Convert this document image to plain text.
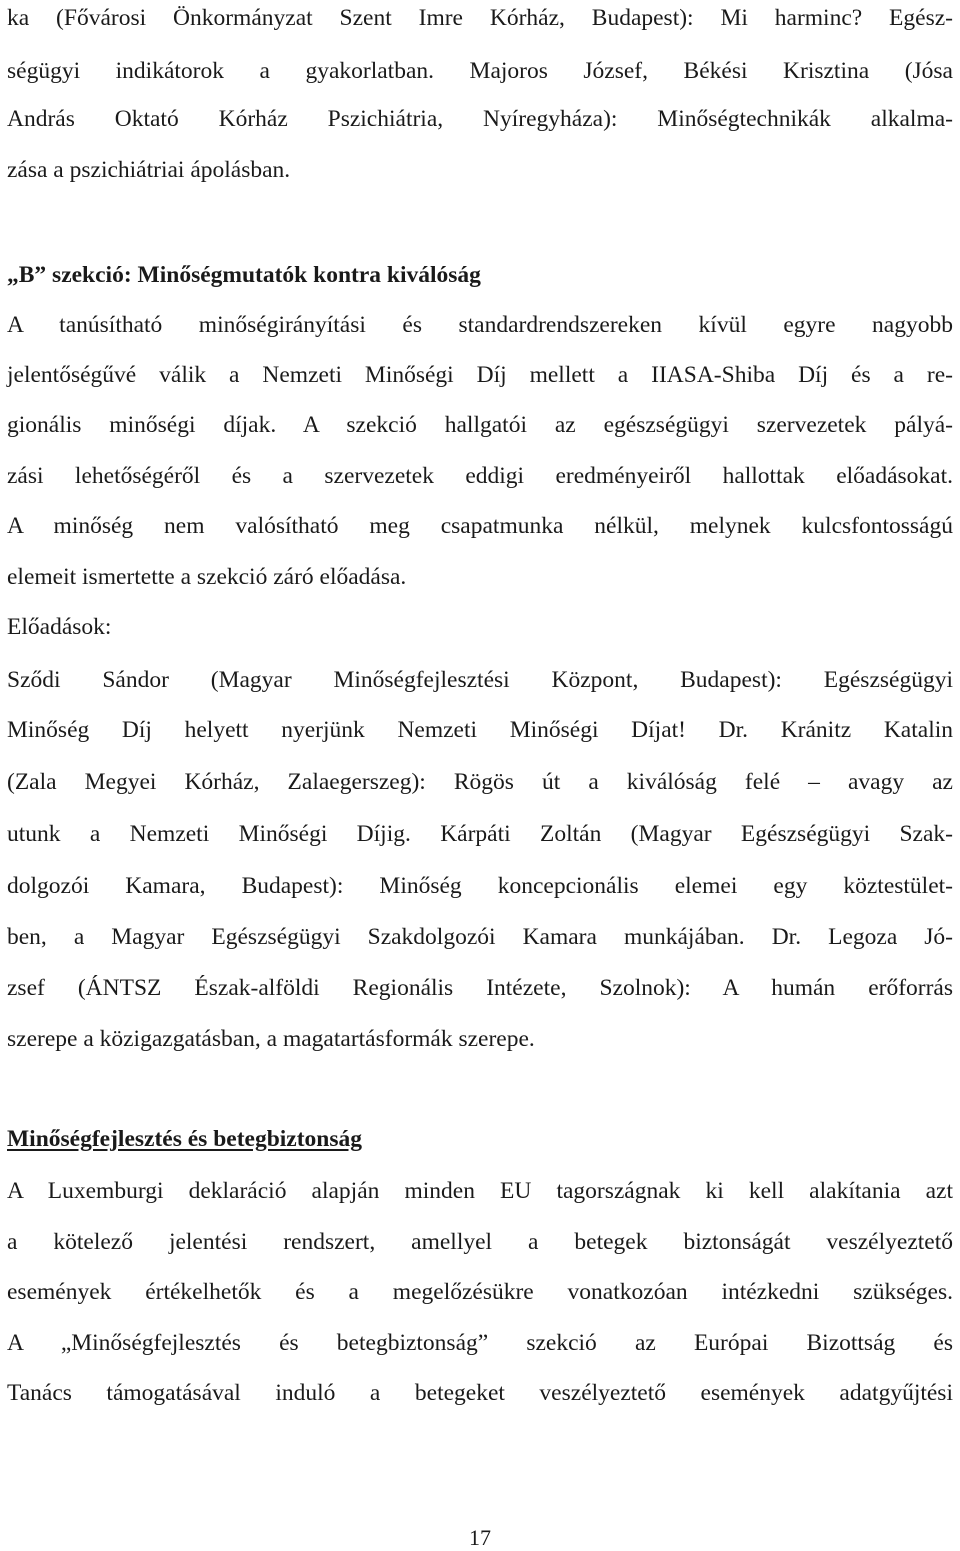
ka (Fővárosi Önkormányzat Szent Imre Kórház, Budapest): Mi harminc? Egész-
ségügyi indikátorok a gyakorlatban. Majoros József, Békési Krisztina (Jósa
András Oktató Kórház Pszichiátria, Nyíregyháza): Minőségtechnikák alkalma-
zása a pszichiátriai ápolásban.
„B” szekció: Minőségmutatók kontra kiválóság
A tanúsítható minőségirányítási és standardrendszereken kívül egyre nagyobb
jelentőségűvé válik a Nemzeti Minőségi Díj mellett a IIASA-Shiba Díj és a re-
gionális minőségi díjak. A szekció hallgatói az egészségügyi szervezetek pályá-
zási lehetőségéről és a szervezetek eddigi eredményeiről hallottak előadásokat.
A minőség nem valósítható meg csapatmunka nélkül, melynek kulcsfontosságú
elemeit ismertette a szekció záró előadása.
Előadások:
Sződi Sándor (Magyar Minőségfejlesztési Központ, Budapest): Egészségügyi
Minőség Díj helyett nyerjünk Nemzeti Minőségi Díjat! Dr. Kránitz Katalin
(Zala Megyei Kórház, Zalaegerszeg): Rögös út a kiválóság felé – avagy az
utunk a Nemzeti Minőségi Díjig. Kárpáti Zoltán (Magyar Egészségügyi Szak-
dolgozói Kamara, Budapest): Minőség koncepcionális elemei egy köztestület-
ben, a Magyar Egészségügyi Szakdolgozói Kamara munkájában. Dr. Legoza Jó-
zsef (ÁNTSZ Észak-alföldi Regionális Intézete, Szolnok): A humán erőforrás
szerepe a közigazgatásban, a magatartásformák szerepe.
Minőségfejlesztés és betegbiztonság
A Luxemburgi deklaráció alapján minden EU tagországnak ki kell alakítania azt
a kötelező jelentési rendszert, amellyel a betegek biztonságát veszélyeztető
események értékelhetők és a megelőzésükre vonatkozóan intézkedni szükséges.
A „Minőségfejlesztés és betegbiztonság” szekció az Európai Bizottság és
Tanács támogatásával induló a betegeket veszélyeztető események adatgyűjtési
17
